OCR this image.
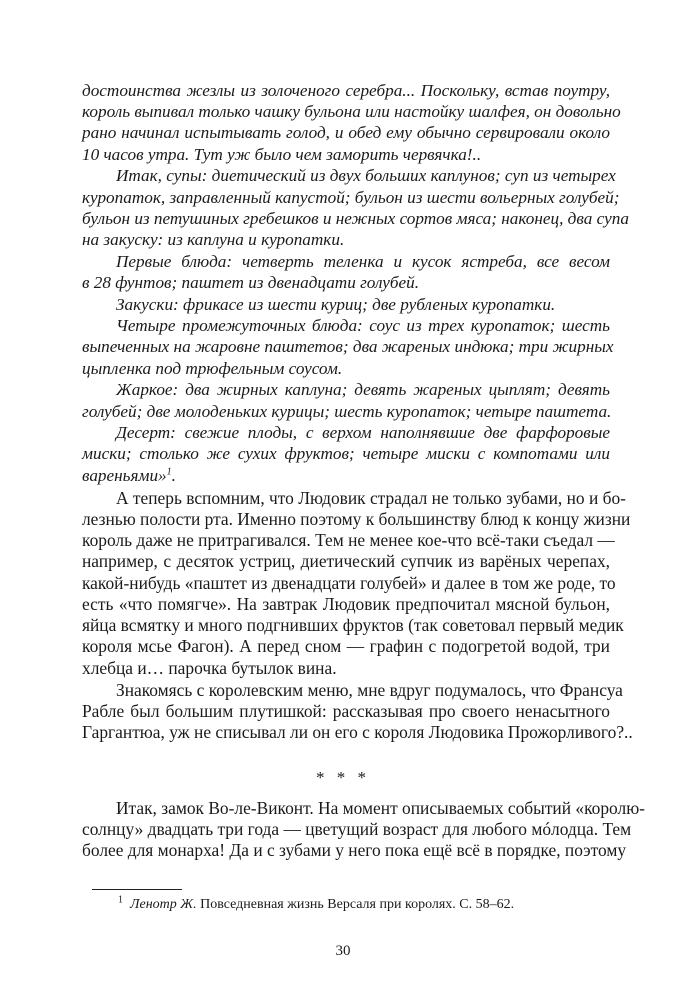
достоинства жезлы из золоченого серебра... Поскольку, встав поутру,
король выпивал только чашку бульона или настойку шалфея, он довольно
рано начинал испытывать голод, и обед ему обычно сервировали около
10 часов утра. Тут уж было чем заморить червячка!..
Итак, супы: диетический из двух больших каплунов; суп из четырех
куропаток, заправленный капустой; бульон из шести вольерных голубей;
бульон из петушиных гребешков и нежных сортов мяса; наконец, два супа
на закуску: из каплуна и куропатки.
Первые блюда: четверть теленка и кусок ястреба, все весом
в 28 фунтов; паштет из двенадцати голубей.
Закуски: фрикасе из шести куриц; две рубленых куропатки.
Четыре промежуточных блюда: соус из трех куропаток; шесть
выпеченных на жаровне паштетов; два жареных индюка; три жирных
цыпленка под трюфельным соусом.
Жаркое: два жирных каплуна; девять жареных цыплят; девять
голубей; две молоденьких курицы; шесть куропаток; четыре паштета.
Десерт: свежие плоды, с верхом наполнявшие две фарфоровые
миски; столько же сухих фруктов; четыре миски с компотами или
вареньями»$^1$.
А теперь вспомним, что Людовик страдал не только зубами, но и бо-
лезнью полости рта. Именно поэтому к большинству блюд к концу жизни
король даже не притрагивался. Тем не менее кое-что всё-таки съедал —
например, с десяток устриц, диетический супчик из варёных черепах,
какой-нибудь «паштет из двенадцати голубей» и далее в том же роде, то
есть «что помягче». На завтрак Людовик предпочитал мясной бульон,
яйца всмятку и много подгнивших фруктов (так советовал первый медик
короля мсье Фагон). А перед сном — графин с подогретой водой, три
хлебца и… парочка бутылок вина.
Знакомясь с королевским меню, мне вдруг подумалось, что Франсуа
Рабле был большим плутишкой: рассказывая про своего ненасытного
Гаргантюа, уж не списывал ли он его с короля Людовика Прожорливого?..
Итак, замок Во-ле-Виконт. На момент описываемых событий «королю-
солнцу» двадцать три года — цветущий возраст для любого мóлодца. Тем
более для монарха! Да и с зубами у него пока ещё всё в порядке, поэтому
* * *
$^1$ Ленотр Ж. Повседневная жизнь Версаля при королях. С. 58–62.
30
